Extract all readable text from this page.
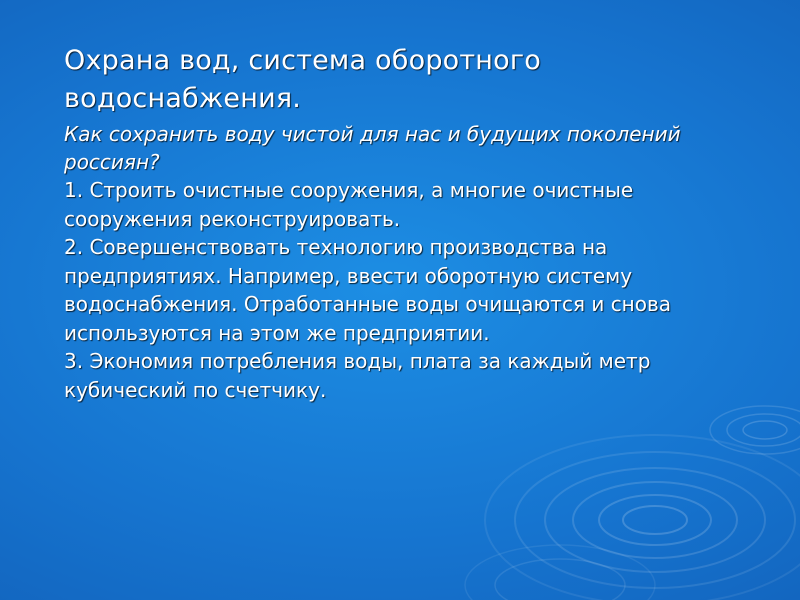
Охрана вод, система оборотного водоснабжения.

Как сохранить воду чистой для нас и будущих поколений россиян?

1. Строить очистные сооружения, а многие очистные сооружения реконструировать.
2. Совершенствовать технологию производства на предприятиях. Например, ввести оборотную систему водоснабжения. Отработанные воды очищаются и снова используются на этом же предприятии.
3. Экономия потребления воды, плата за каждый метр кубический по счетчику.
